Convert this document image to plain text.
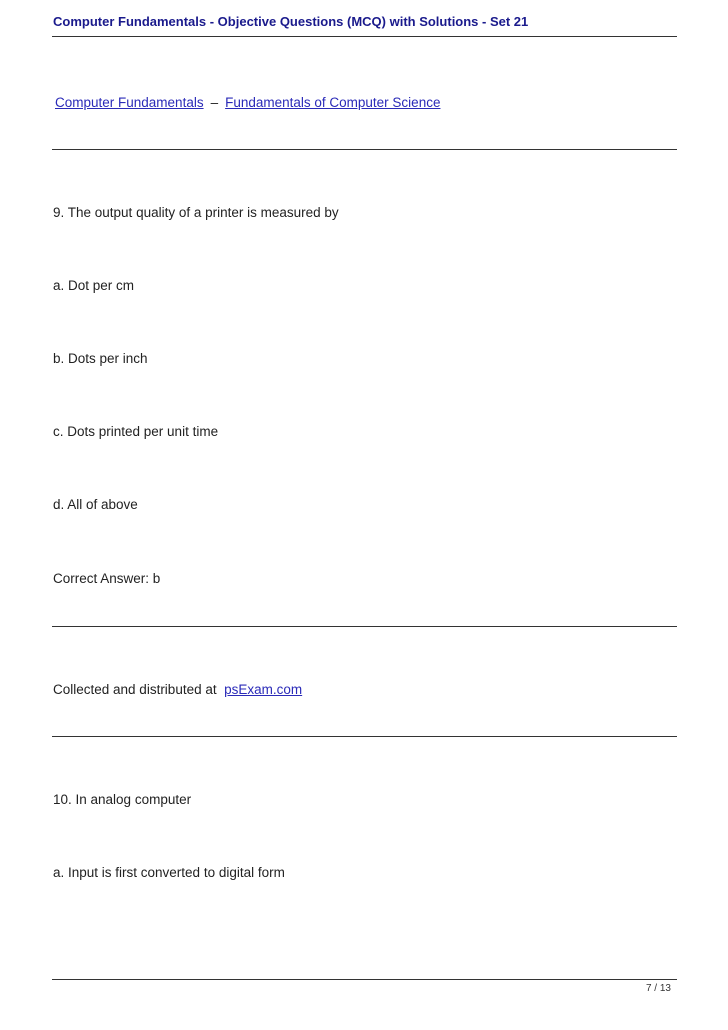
Computer Fundamentals - Objective Questions (MCQ) with Solutions - Set 21
Computer Fundamentals – Fundamentals of Computer Science
9. The output quality of a printer is measured by
a. Dot per cm
b. Dots per inch
c. Dots printed per unit time
d. All of above
Correct Answer: b
Collected and distributed at psExam.com
10. In analog computer
a. Input is first converted to digital form
7 / 13
